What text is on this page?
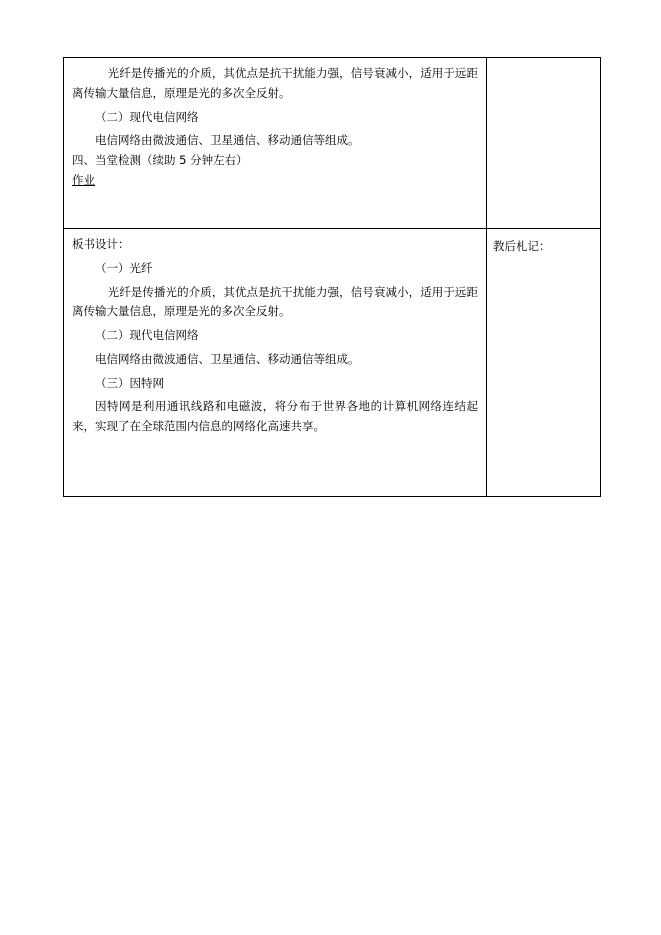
光纤是传播光的介质，其优点是抗干扰能力强，信号衰减小，适用于远距离传输大量信息，原理是光的多次全反射。

（二）现代电信网络

电信网络由微波通信、卫星通信、移动通信等组成。

四、当堂检测（续助 5 分钟左右）

作业	

板书设计：

（一）光纤

光纤是传播光的介质，其优点是抗干扰能力强，信号衰减小，适用于远距离传输大量信息，原理是光的多次全反射。

（二）现代电信网络

电信网络由微波通信、卫星通信、移动通信等组成。

（三）因特网

因特网是利用通讯线路和电磁波，将分布于世界各地的计算机网络连结起来，实现了在全球范围内信息的网络化高速共享。

教后札记：
